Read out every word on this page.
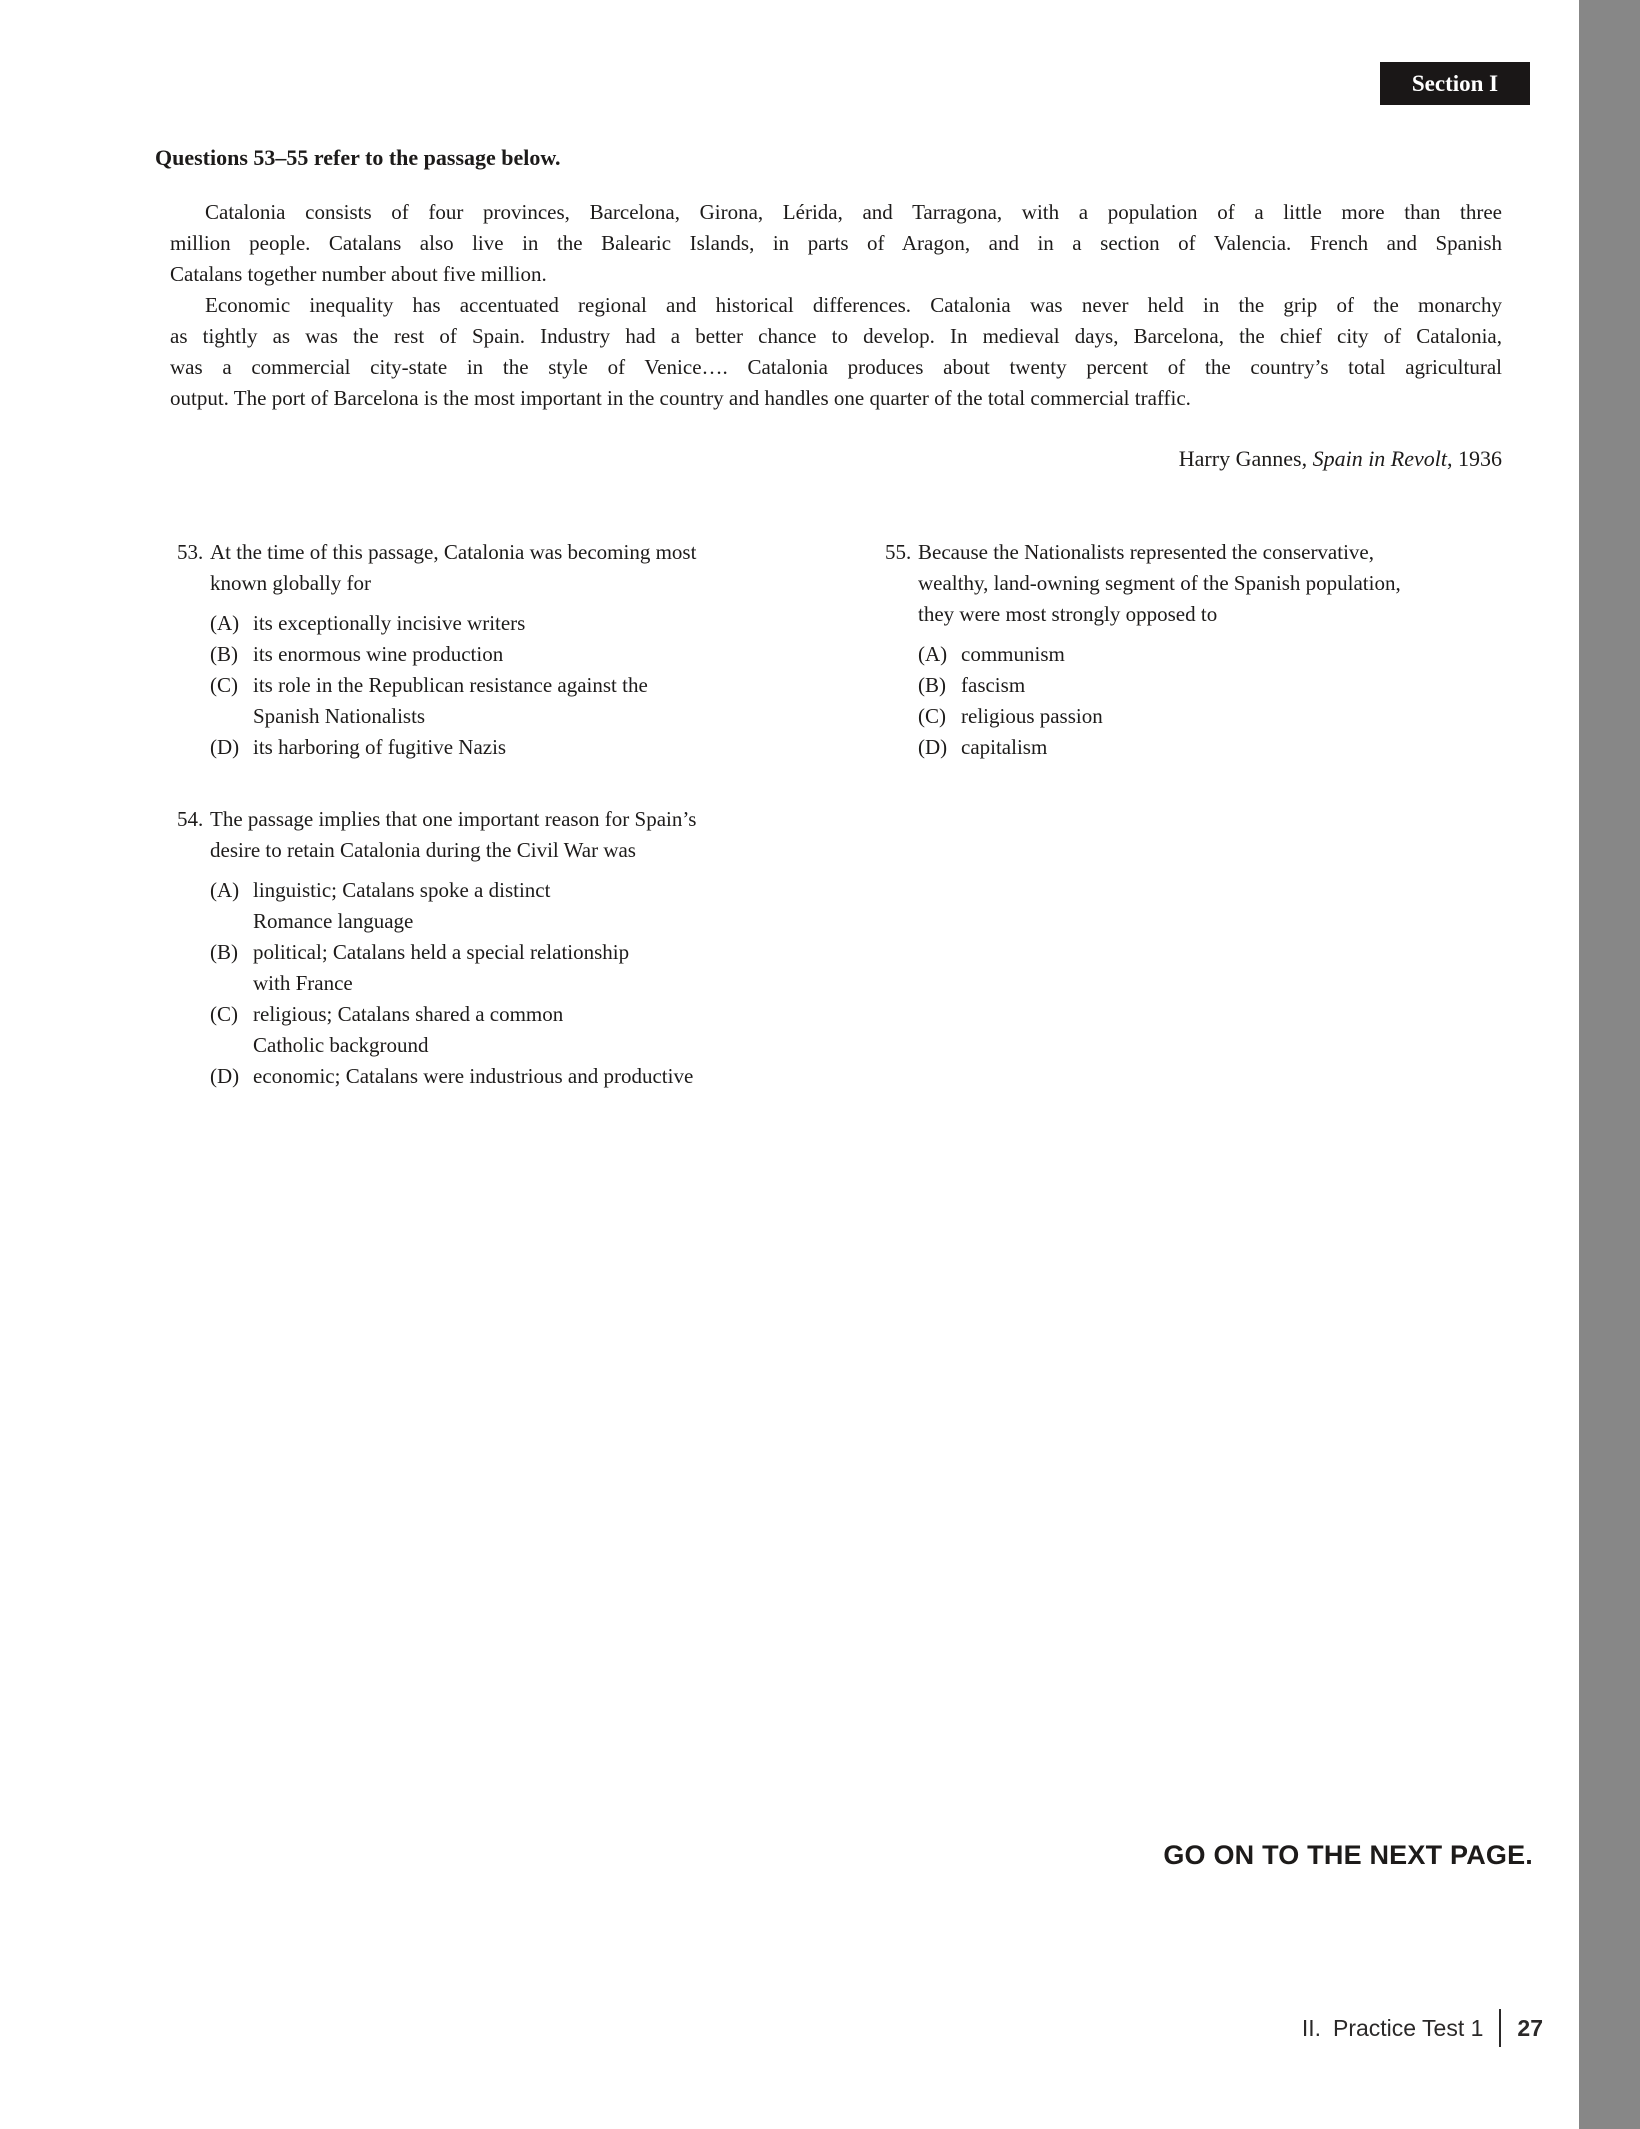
Section I
Questions 53–55 refer to the passage below.
Catalonia consists of four provinces, Barcelona, Girona, Lérida, and Tarragona, with a population of a little more than three
million people. Catalans also live in the Balearic Islands, in parts of Aragon, and in a section of Valencia. French and Spanish
Catalans together number about five million.
Economic inequality has accentuated regional and historical differences. Catalonia was never held in the grip of the monarchy
as tightly as was the rest of Spain. Industry had a better chance to develop. In medieval days, Barcelona, the chief city of Catalonia,
was a commercial city-state in the style of Venice…. Catalonia produces about twenty percent of the country’s total agricultural
output. The port of Barcelona is the most important in the country and handles one quarter of the total commercial traffic.
Harry Gannes, Spain in Revolt, 1936
53. At the time of this passage, Catalonia was becoming most
known globally for
(A) its exceptionally incisive writers
(B) its enormous wine production
(C) its role in the Republican resistance against the
Spanish Nationalists
(D) its harboring of fugitive Nazis
54. The passage implies that one important reason for Spain’s
desire to retain Catalonia during the Civil War was
(A) linguistic; Catalans spoke a distinct
Romance language
(B) political; Catalans held a special relationship
with France
(C) religious; Catalans shared a common
Catholic background
(D) economic; Catalans were industrious and productive
55. Because the Nationalists represented the conservative,
wealthy, land-owning segment of the Spanish population,
they were most strongly opposed to
(A) communism
(B) fascism
(C) religious passion
(D) capitalism
GO ON TO THE NEXT PAGE.
II. Practice Test 1 27
